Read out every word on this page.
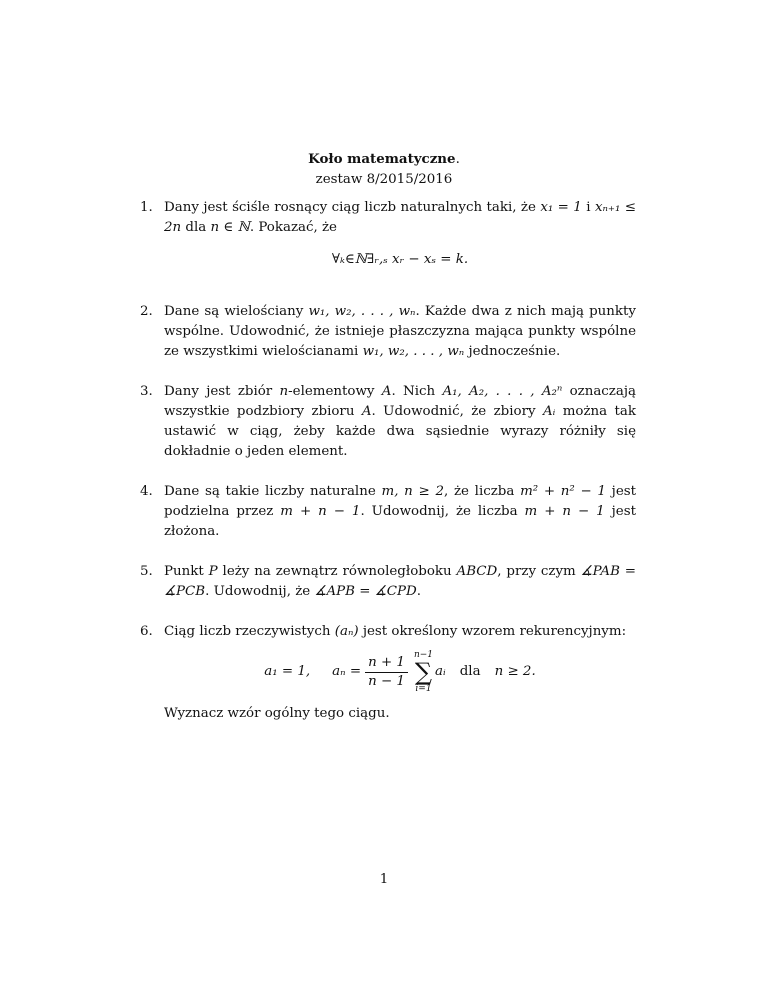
Koło matematyczne.
zestaw 8/2015/2016
1. Dany jest ściśle rosnący ciąg liczb naturalnych taki, że x₁ = 1 i xₙ₊₁ ≤ 2n dla n ∈ ℕ. Pokazać, że
∀ₖ∈ℕ∃ᵣ,ₛ xᵣ − xₛ = k.
2. Dane są wielościany w₁, w₂, . . . , wₙ. Każde dwa z nich mają punkty wspólne. Udowodnić, że istnieje płaszczyzna mająca punkty wspólne ze wszystkimi wielościanami w₁, w₂, . . . , wₙ jednocześnie.
3. Dany jest zbiór n-elementowy A. Nich A₁, A₂, . . . , A₂ⁿ oznaczają wszystkie podzbiory zbioru A. Udowodnić, że zbiory Aᵢ można tak ustawić w ciąg, żeby każde dwa sąsiednie wyrazy różniły się dokładnie o jeden element.
4. Dane są takie liczby naturalne m, n ≥ 2, że liczba m² + n² − 1 jest podzielna przez m + n − 1. Udowodnij, że liczba m + n − 1 jest złożona.
5. Punkt P leży na zewnątrz równoległoboku ABCD, przy czym ∡PAB = ∡PCB. Udowodnij, że ∡APB = ∡CPD.
6. Ciąg liczb rzeczywistych (aₙ) jest określony wzorem rekurencyjnym:
a₁ = 1, $a_n = \frac{n + 1}{n - 1} n-1$
∑
i=1
aᵢ dla n ≥ 2.
Wyznacz wzór ogólny tego ciągu.
1
